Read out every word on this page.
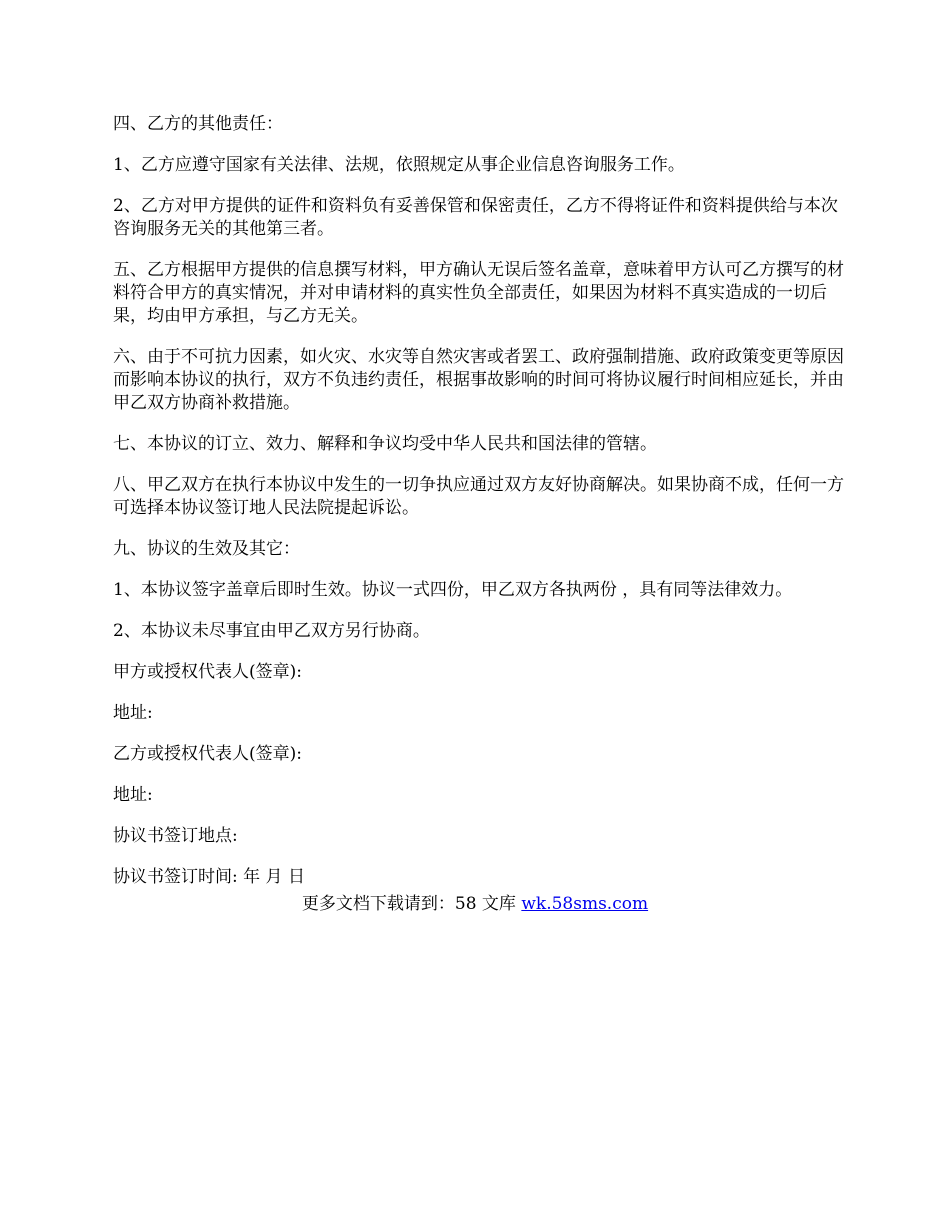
四、乙方的其他责任：

1、乙方应遵守国家有关法律、法规，依照规定从事企业信息咨询服务工作。

2、乙方对甲方提供的证件和资料负有妥善保管和保密责任，乙方不得将证件和资料提供给与本次咨询服务无关的其他第三者。

五、乙方根据甲方提供的信息撰写材料，甲方确认无误后签名盖章，意味着甲方认可乙方撰写的材料符合甲方的真实情况，并对申请材料的真实性负全部责任，如果因为材料不真实造成的一切后果，均由甲方承担，与乙方无关。

六、由于不可抗力因素，如火灾、水灾等自然灾害或者罢工、政府强制措施、政府政策变更等原因而影响本协议的执行，双方不负违约责任，根据事故影响的时间可将协议履行时间相应延长，并由甲乙双方协商补救措施。

七、本协议的订立、效力、解释和争议均受中华人民共和国法律的管辖。

八、甲乙双方在执行本协议中发生的一切争执应通过双方友好协商解决。如果协商不成，任何一方可选择本协议签订地人民法院提起诉讼。

九、协议的生效及其它：

1、本协议签字盖章后即时生效。协议一式四份，甲乙双方各执两份 ，具有同等法律效力。

2、本协议未尽事宜由甲乙双方另行协商。

甲方或授权代表人(签章):

地址:

乙方或授权代表人(签章):

地址:

协议书签订地点:

协议书签订时间: 年 月 日

更多文档下载请到：58 文库 wk.58sms.com
